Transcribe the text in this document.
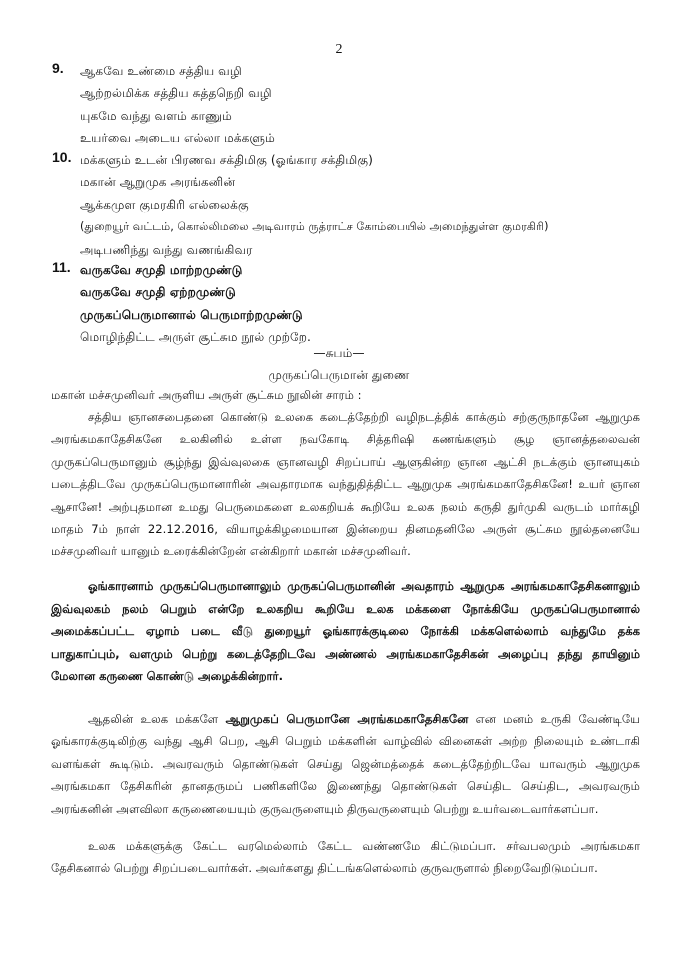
2
9. ஆகவே உண்மை சத்திய வழி
ஆற்றல்மிக்க சத்திய சுத்தநெறி வழி
யுகமே வந்து வளம் காணும்
உயர்வை அடைய எல்லா மக்களும்
10. மக்களும் உடன் பிரணவ சக்திமிகு (ஓங்கார சக்திமிகு)
மகான் ஆறுமுக அரங்கனின்
ஆக்கமுள குமரகிரி எல்லைக்கு
(துறையூர் வட்டம், கொல்லிமலை அடிவாரம் ருத்ராட்ச கோம்பையில் அமைந்துள்ள குமரகிரி)
அடிபணிந்து வந்து வணங்கிவர
11. வருகவே சமுதி மாற்றமுண்டு
வருகவே சமுதி ஏற்றமுண்டு
முருகப்பெருமானால் பெருமாற்றமுண்டு
மொழிந்திட்ட அருள் சூட்சும நூல் முற்றே.
—சுபம்—
முருகப்பெருமான் துணை

மகான் மச்சமுனிவர் அருளிய அருள் சூட்சும நூலின் சாரம் :

சத்திய ஞானசபைதனை கொண்டு உலகை கடைத்தேற்றி வழிநடத்திக் காக்கும் சற்குருநாதனே ஆறுமுக அரங்கமகாதேசிகனே உலகினில் உள்ள நவகோடி சித்தரிஷி கணங்களும் சூழ ஞானத்தலைவன் முருகப்பெருமானும் சூழ்ந்து இவ்வுலகை ஞானவழி சிறப்பாய் ஆளுகின்ற ஞான ஆட்சி நடக்கும் ஞானயுகம் படைத்திடவே முருகப்பெருமானாரின் அவதாரமாக வந்துதித்திட்ட ஆறுமுக அரங்கமகாதேசிகனே! உயர் ஞான ஆசானே! அற்புதமான உமது பெருமைகளை உலகறியக் கூறியே உலக நலம் கருதி துர்முகி வருடம் மார்கழி மாதம் 7ம் நாள் 22.12.2016, வியாழக்கிழமையான இன்றைய தினமதனிலே அருள் சூட்சும நூல்தனையே மச்சமுனிவர் யானும் உரைக்கின்றேன் என்கிறார் மகான் மச்சமுனிவர்.

ஓங்காரனாம் முருகப்பெருமானாலும் முருகப்பெருமானின் அவதாரம் ஆறுமுக அரங்கமகாதேசிகனாலும் இவ்வுலகம் நலம் பெறும் என்றே உலகறிய கூறியே உலக மக்களை நோக்கியே முருகப்பெருமானால் அமைக்கப்பட்ட ஏழாம் படை வீடு துறையூர் ஓங்காரக்குடிலை நோக்கி மக்களெல்லாம் வந்துமே தக்க பாதுகாப்பும், வளமும் பெற்று கடைத்தேறிடவே அண்ணல் அரங்கமகாதேசிகன் அழைப்பு தந்து தாயினும் மேலான கருணை கொண்டு அழைக்கின்றார்.

ஆதலின் உலக மக்களே ஆறுமுகப் பெருமானே அரங்கமகாதேசிகனே என மனம் உருகி வேண்டியே ஓங்காரக்குடிலிற்கு வந்து ஆசி பெற, ஆசி பெறும் மக்களின் வாழ்வில் வினைகள் அற்ற நிலையும் உண்டாகி வளங்கள் கூடிடும். அவரவரும் தொண்டுகள் செய்து ஜென்மத்தைக் கடைத்தேற்றிடவே யாவரும் ஆறுமுக அரங்கமகா தேசிகரின் தானதருமப் பணிகளிலே இணைந்து தொண்டுகள் செய்திட செய்திட, அவரவரும் அரங்கனின் அளவிலா கருணையையும் குருவருளையும் திருவருளையும் பெற்று உயர்வடைவார்களப்பா.

உலக மக்களுக்கு கேட்ட வரமெல்லாம் கேட்ட வண்ணமே கிட்டுமப்பா. சர்வபலமும் அரங்கமகா தேசிகனால் பெற்று சிறப்படைவார்கள். அவர்களது திட்டங்களெல்லாம் குருவருளால் நிறைவேறிடுமப்பா.
